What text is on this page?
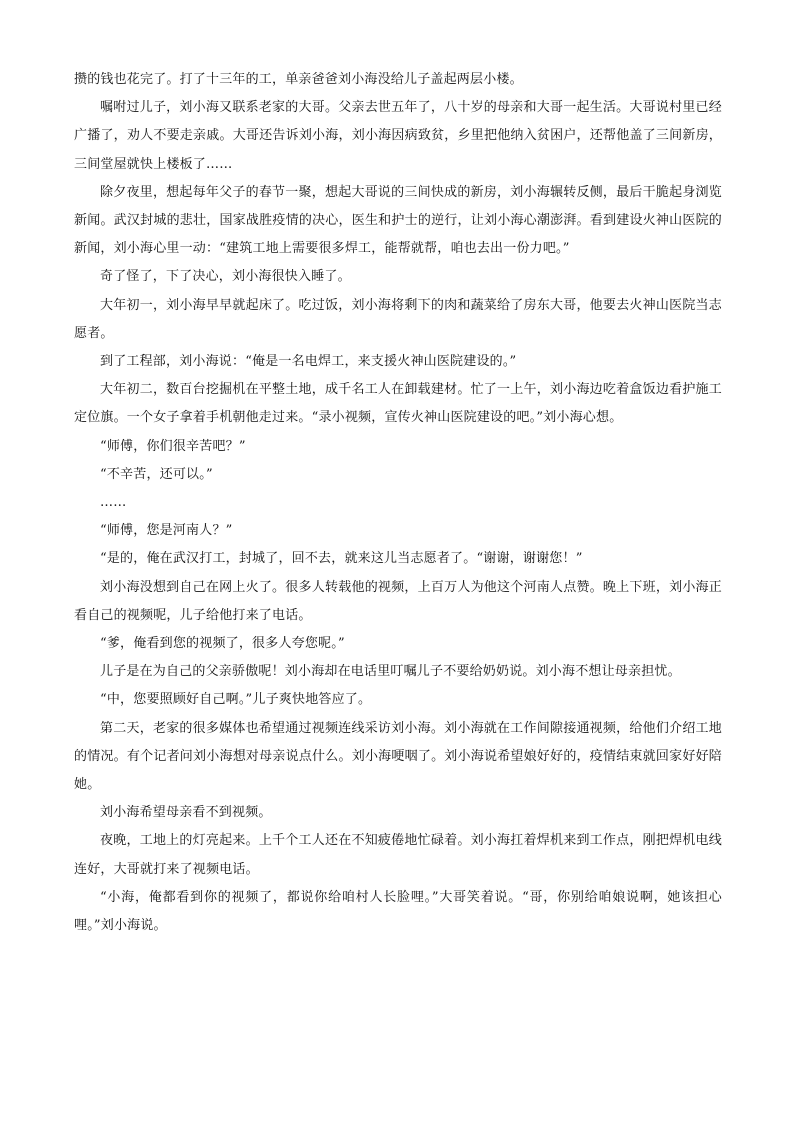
攒的钱也花完了。打了十三年的工，单亲爸爸刘小海没给儿子盖起两层小楼。

嘱咐过儿子，刘小海又联系老家的大哥。父亲去世五年了，八十岁的母亲和大哥一起生活。大哥说村里已经广播了，劝人不要走亲戚。大哥还告诉刘小海，刘小海因病致贫，乡里把他纳入贫困户，还帮他盖了三间新房，三间堂屋就快上楼板了……

除夕夜里，想起每年父子的春节一聚，想起大哥说的三间快成的新房，刘小海辗转反侧，最后干脆起身浏览新闻。武汉封城的悲壮，国家战胜疫情的决心，医生和护士的逆行，让刘小海心潮澎湃。看到建设火神山医院的新闻，刘小海心里一动：“建筑工地上需要很多焊工，能帮就帮，咱也去出一份力吧。”

奇了怪了，下了决心，刘小海很快入睡了。

大年初一，刘小海早早就起床了。吃过饭，刘小海将剩下的肉和蔬菜给了房东大哥，他要去火神山医院当志愿者。

到了工程部，刘小海说：“俺是一名电焊工，来支援火神山医院建设的。”

大年初二，数百台挖掘机在平整土地，成千名工人在卸载建材。忙了一上午，刘小海边吃着盒饭边看护施工定位旗。一个女子拿着手机朝他走过来。“录小视频，宣传火神山医院建设的吧。”刘小海心想。

“师傅，你们很辛苦吧？”

“不辛苦，还可以。”

……

“师傅，您是河南人？”

“是的，俺在武汉打工，封城了，回不去，就来这儿当志愿者了。“谢谢，谢谢您！”

刘小海没想到自己在网上火了。很多人转载他的视频，上百万人为他这个河南人点赞。晚上下班，刘小海正看自己的视频呢，儿子给他打来了电话。

“爹，俺看到您的视频了，很多人夸您呢。”

儿子是在为自己的父亲骄傲呢！刘小海却在电话里叮嘱儿子不要给奶奶说。刘小海不想让母亲担忧。

“中，您要照顾好自己啊。”儿子爽快地答应了。

第二天，老家的很多媒体也希望通过视频连线采访刘小海。刘小海就在工作间隙接通视频，给他们介绍工地的情况。有个记者问刘小海想对母亲说点什么。刘小海哽咽了。刘小海说希望娘好好的，疫情结束就回家好好陪她。

刘小海希望母亲看不到视频。

夜晚，工地上的灯亮起来。上千个工人还在不知疲倦地忙碌着。刘小海扛着焊机来到工作点，刚把焊机电线连好，大哥就打来了视频电话。

“小海，俺都看到你的视频了，都说你给咱村人长脸哩。”大哥笑着说。“哥，你别给咱娘说啊，她该担心哩。”刘小海说。
